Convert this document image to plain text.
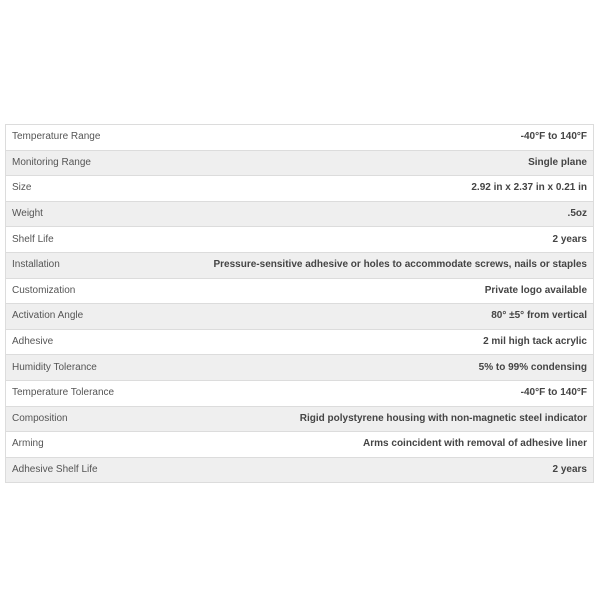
Temperature Range	-40°F to 140°F
Monitoring Range	Single plane
Size	2.92 in x 2.37 in x 0.21 in
Weight	.5oz
Shelf Life	2 years
Installation	Pressure-sensitive adhesive or holes to accommodate screws, nails or staples
Customization	Private logo available
Activation Angle	80° ±5° from vertical
Adhesive	2 mil high tack acrylic
Humidity Tolerance	5% to 99% condensing
Temperature Tolerance	-40°F to 140°F
Composition	Rigid polystyrene housing with non-magnetic steel indicator
Arming	Arms coincident with removal of adhesive liner
Adhesive Shelf Life	2 years
